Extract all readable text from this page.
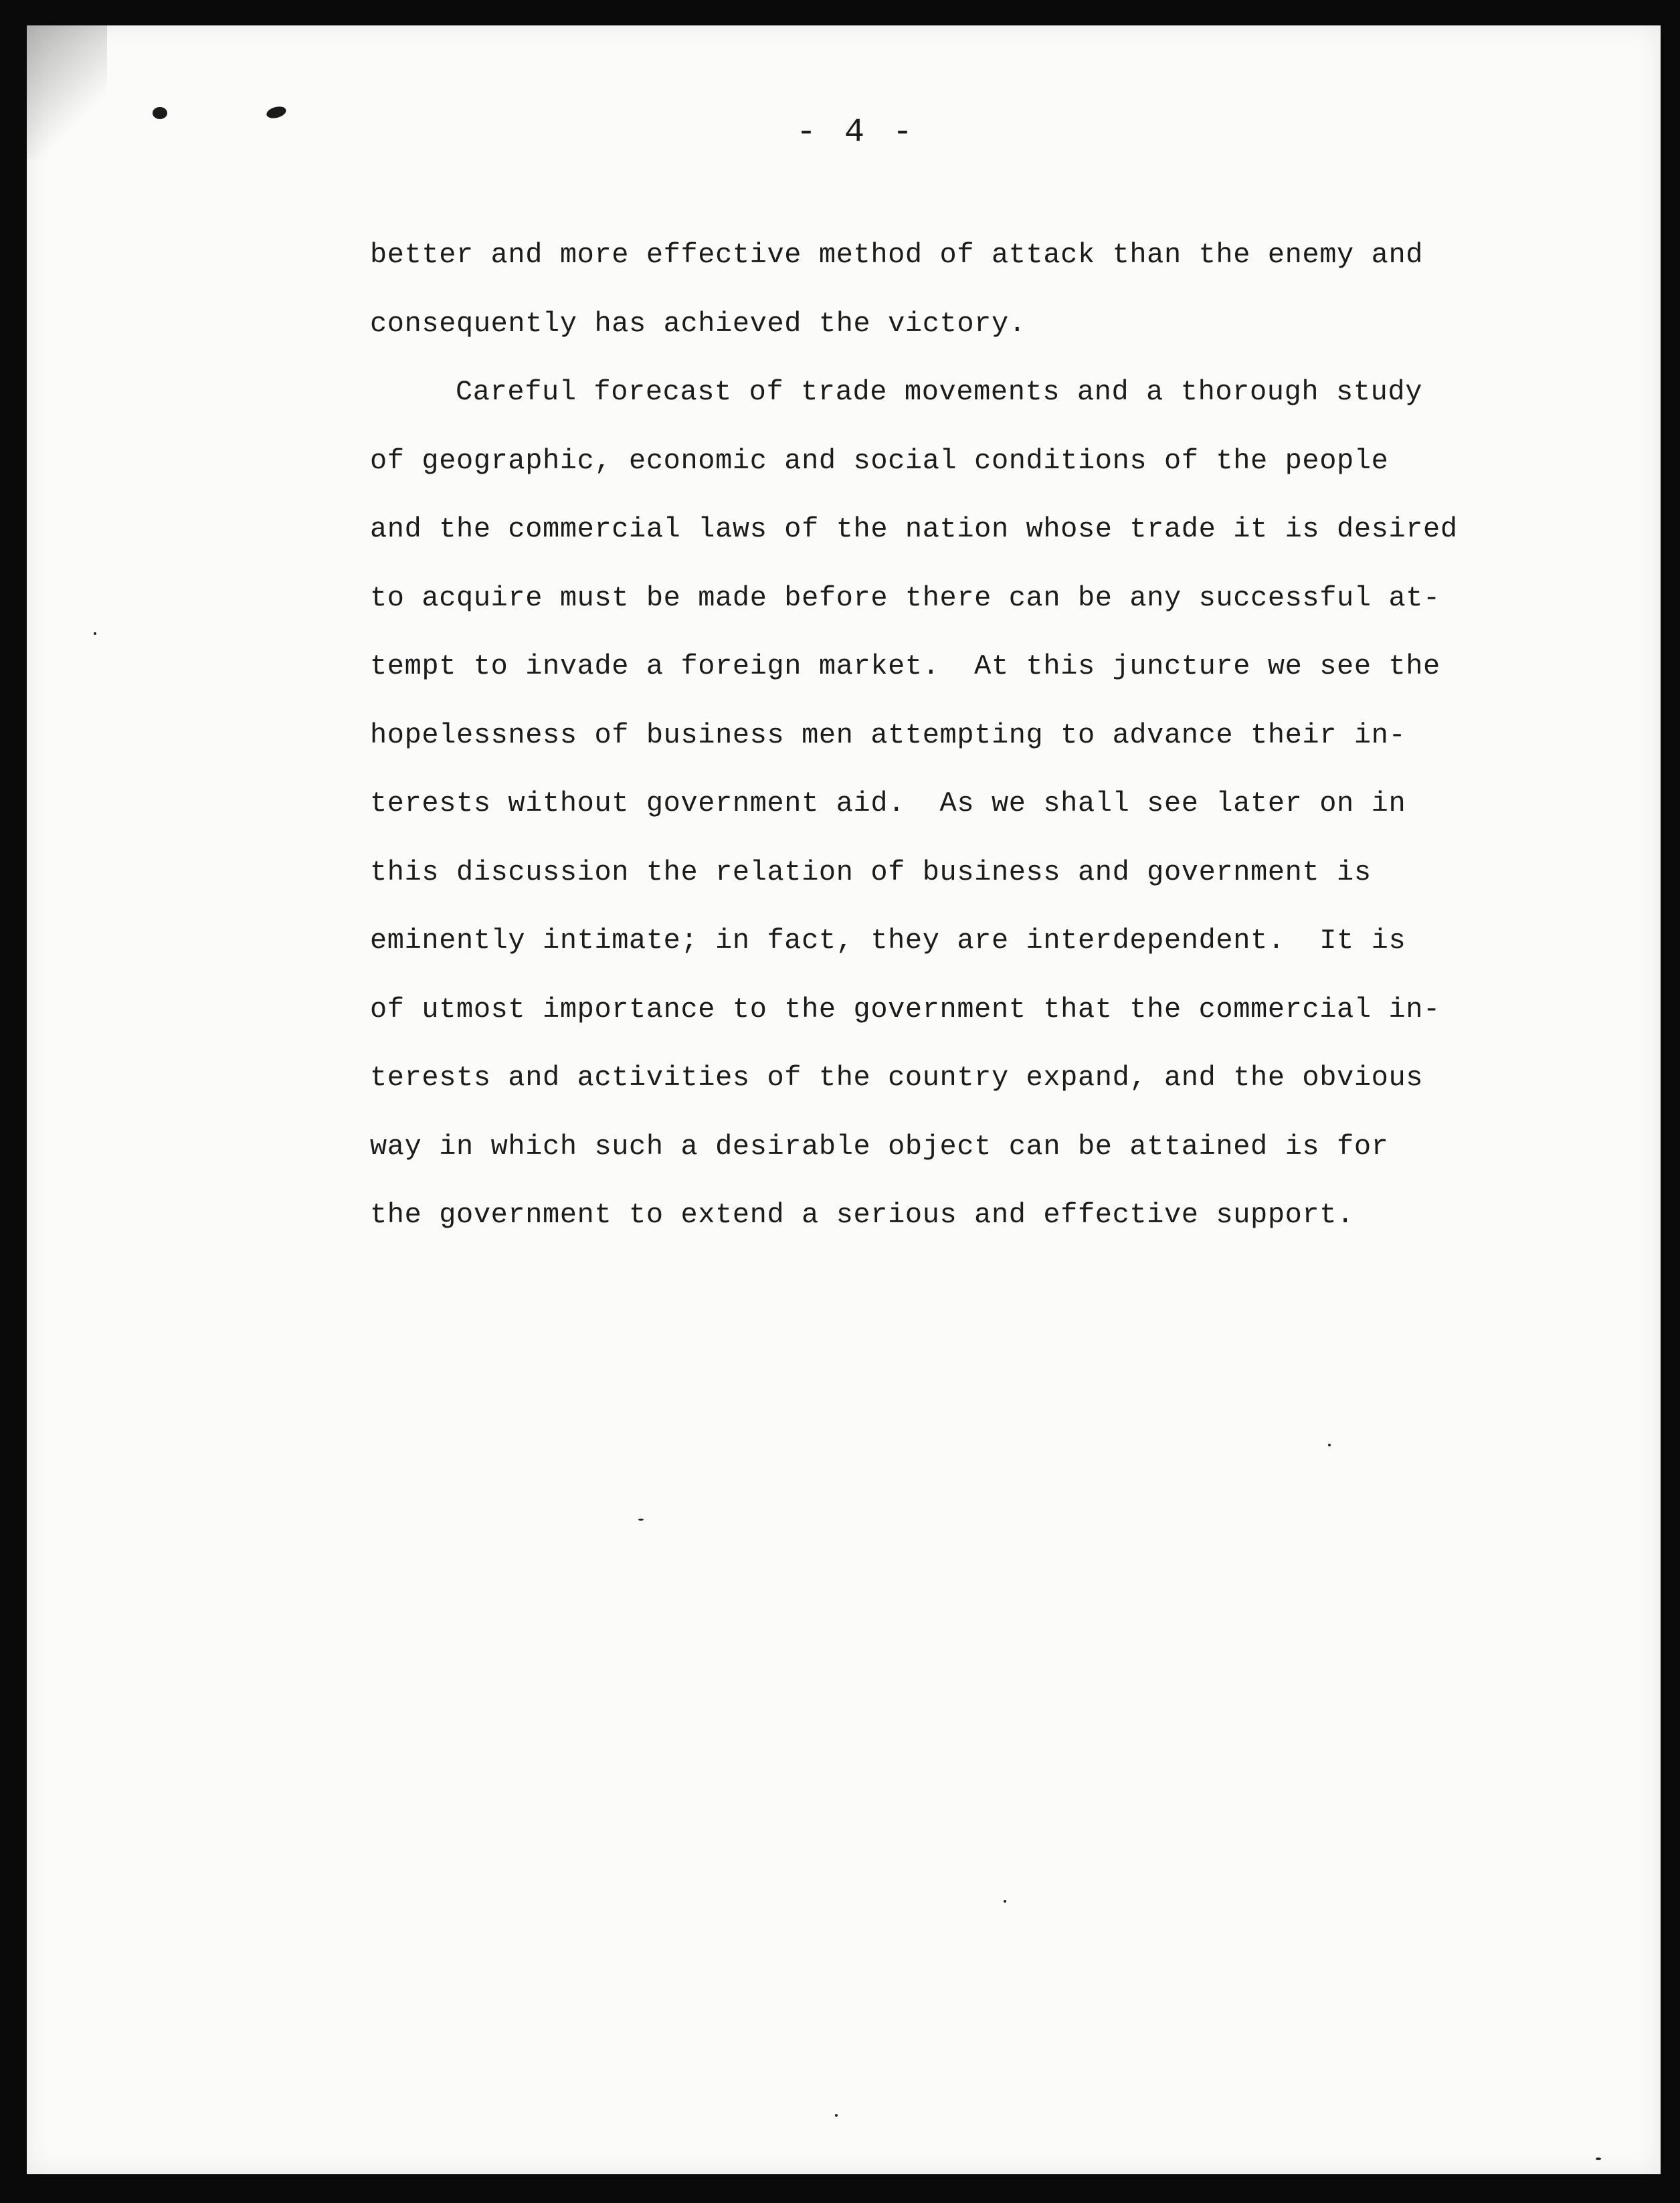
- 4 -
better and more effective method of attack than the enemy and
consequently has achieved the victory.
Careful forecast of trade movements and a thorough study
of geographic, economic and social conditions of the people
and the commercial laws of the nation whose trade it is desired
to acquire must be made before there can be any successful at-
tempt to invade a foreign market.  At this juncture we see the
hopelessness of business men attempting to advance their in-
terests without government aid.  As we shall see later on in
this discussion the relation of business and government is
eminently intimate; in fact, they are interdependent.  It is
of utmost importance to the government that the commercial in-
terests and activities of the country expand, and the obvious
way in which such a desirable object can be attained is for
the government to extend a serious and effective support.
